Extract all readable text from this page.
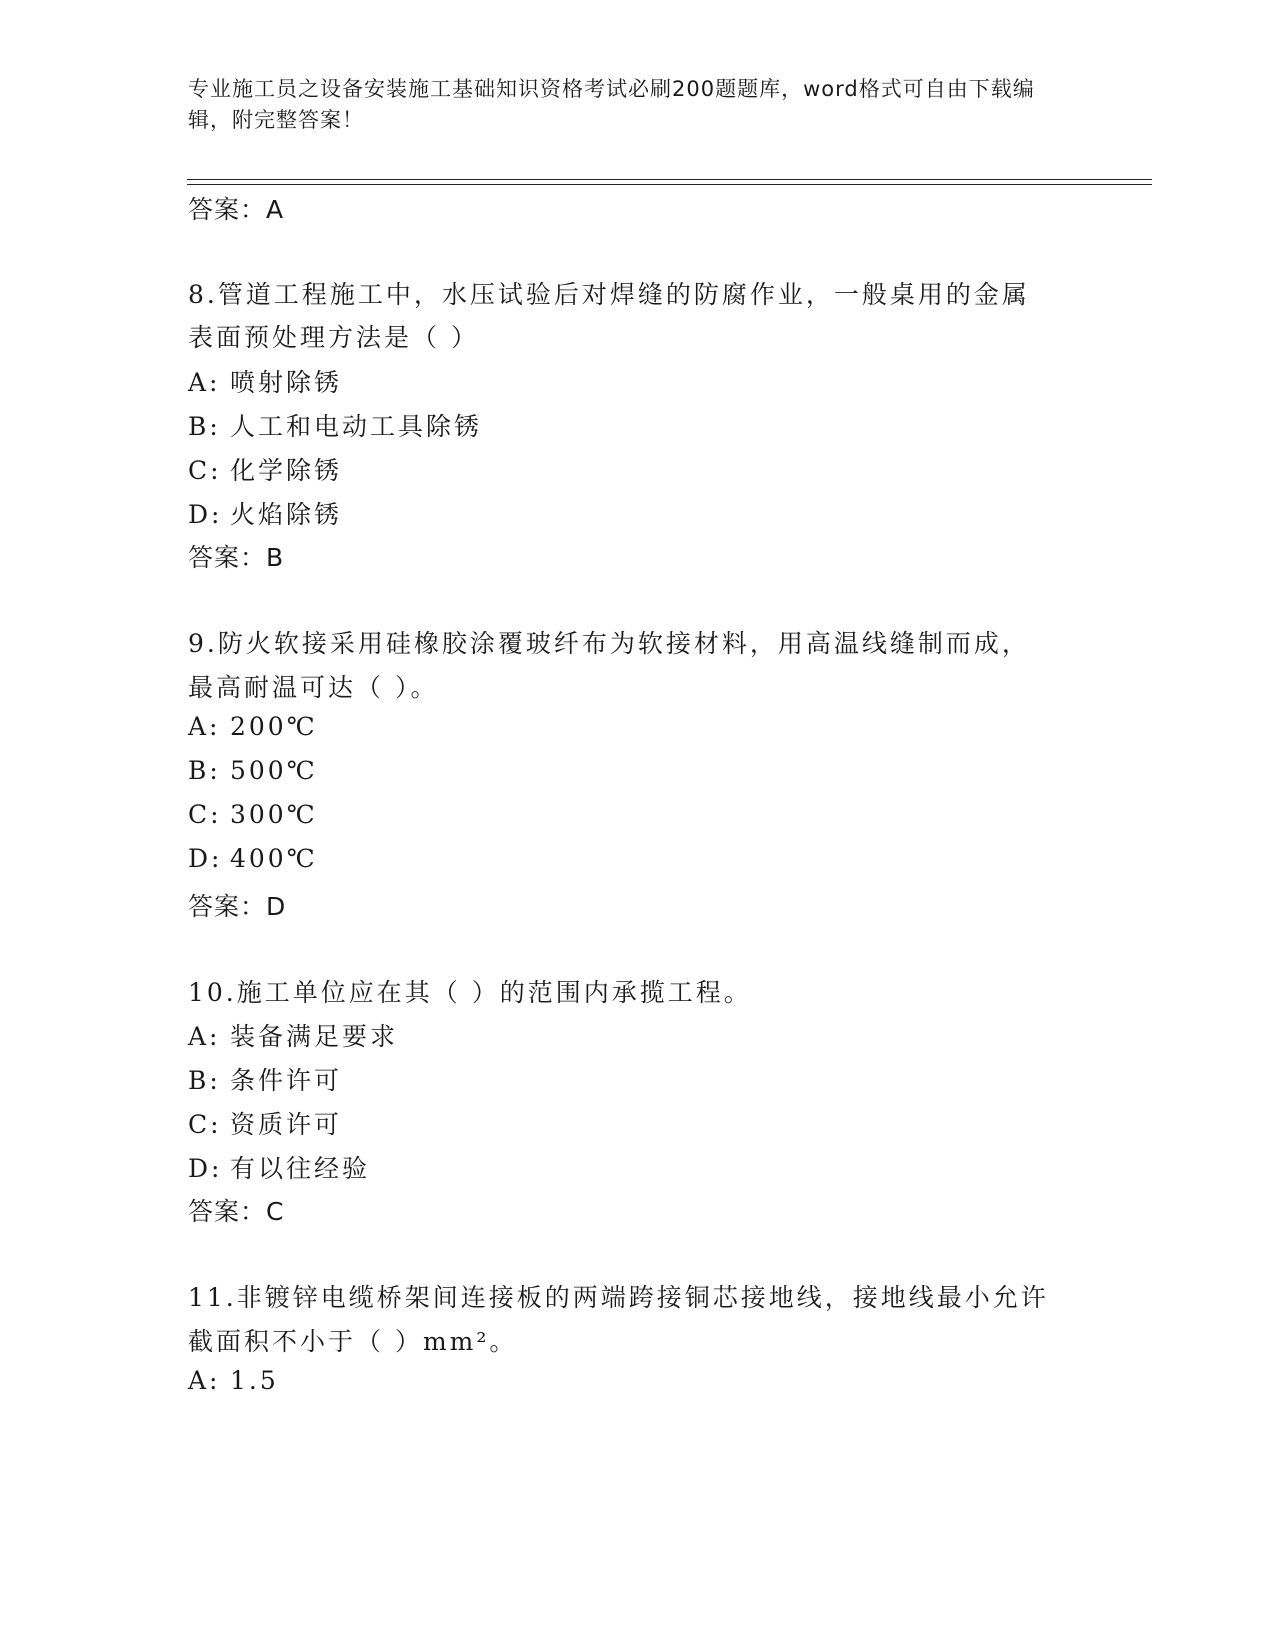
专业施工员之设备安装施工基础知识资格考试必刷200题题库，word格式可自由下载编辑，附完整答案！
答案：A
8.管道工程施工中，水压试验后对焊缝的防腐作业，一般桌用的金属
表面预处理方法是（ ）
A: 喷射除锈
B: 人工和电动工具除锈
C: 化学除锈
D: 火焰除锈
答案：B
9.防火软接采用硅橡胶涂覆玻纤布为软接材料，用高温线缝制而成，
最高耐温可达（ ）。
A: 200℃
B: 500℃
C: 300℃
D: 400℃
答案：D
10.施工单位应在其（ ）的范围内承揽工程。
A: 装备满足要求
B: 条件许可
C: 资质许可
D: 有以往经验
答案：C
11.非镀锌电缆桥架间连接板的两端跨接铜芯接地线，接地线最小允许
截面积不小于（ ）mm²。
A: 1.5
